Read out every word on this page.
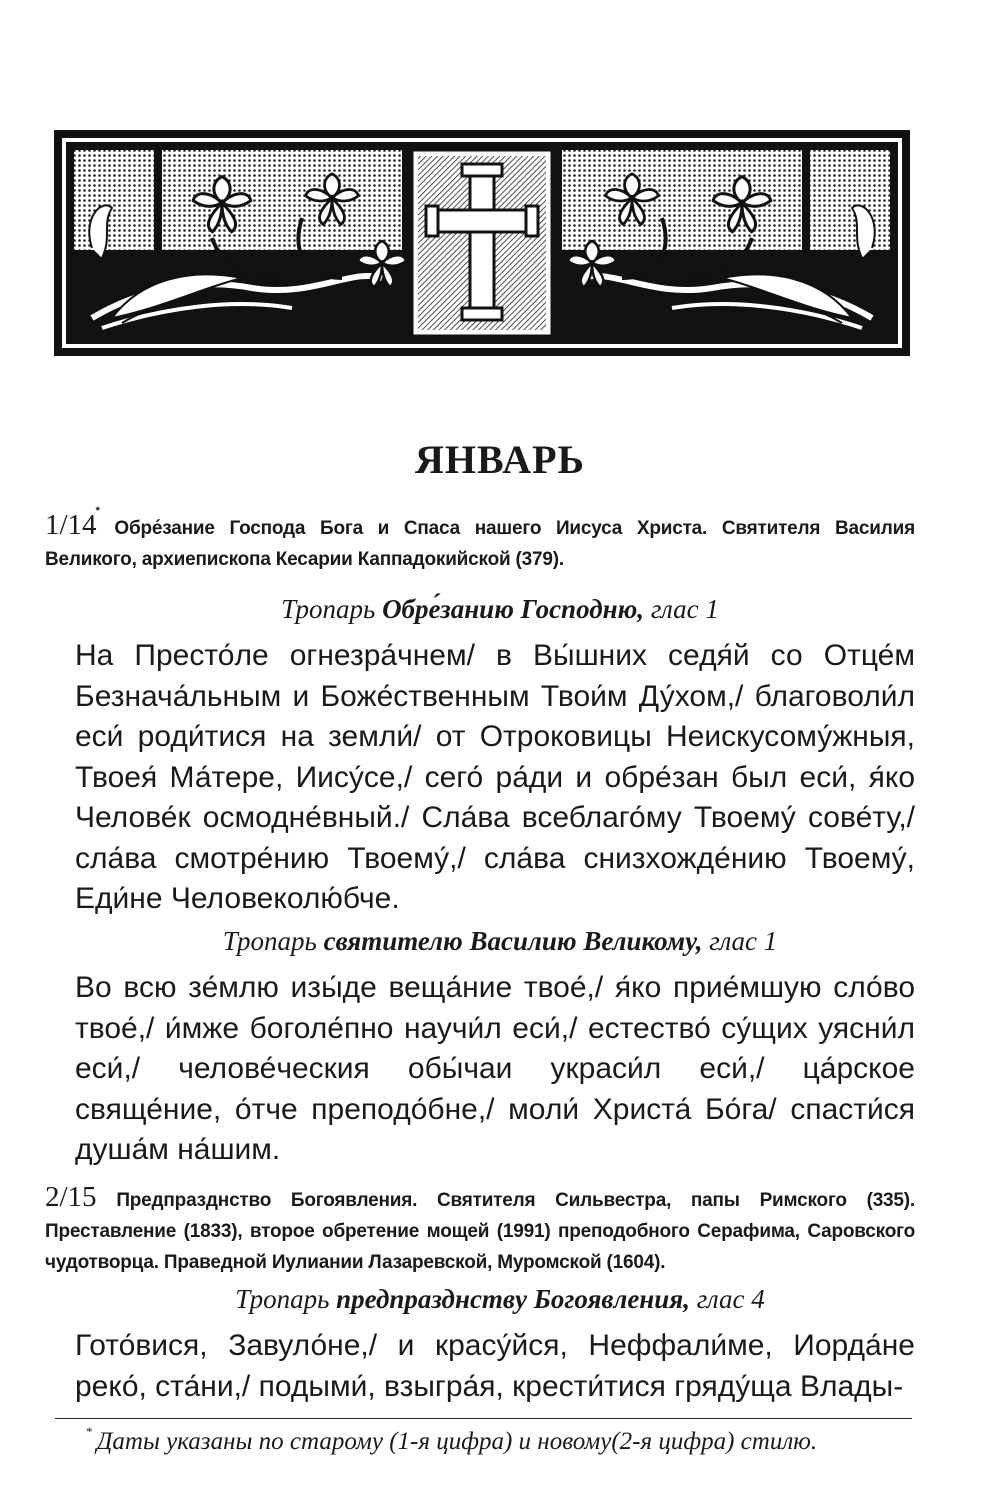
ЯНВАРЬ
1/14* Обре́зание Господа Бога и Спаса нашего Иисуса Христа. Святителя Василия Великого, архиепископа Кесарии Каппадокийской (379).
Тропарь Обре́занию Господню, глас 1

На Престо́ле огнезра́чнем/ в Вы́шних седя́й со Отце́м Безнача́льным и Боже́ственным Твои́м Ду́хом,/ благоволи́л еси́ роди́тися на земли́/ от Отроковицы Неискусому́жныя, Твоея́ Ма́тере, Иису́се,/ сего́ ра́ди и обре́зан был еси́, я́ко Челове́к осмодне́вный./ Сла́ва всеблаго́му Твоему́ сове́ту,/ сла́ва смотре́нию Твоему́,/ сла́ва снизхожде́нию Твоему́, Еди́не Человеколю́бче.

Тропарь святителю Василию Великому, глас 1

Во всю зе́млю изы́де веща́ние твое́,/ я́ко прие́мшую сло́во твое́,/ и́мже боголе́пно научи́л еси́,/ естество́ су́щих уясни́л еси́,/ челове́ческия обы́чаи украси́л еси́,/ ца́рское свяще́ние, о́тче преподо́бне,/ моли́ Христа́ Бо́га/ спасти́ся душа́м на́шим.

2/15 Предпразднство Богоявления. Святителя Сильвестра, папы Римского (335). Преставление (1833), второе обретение мощей (1991) преподобного Серафима, Саровского чудотворца. Праведной Иулиании Лазаревской, Муромской (1604).
Тропарь предпразднству Богоявления, глас 4

Гото́вися, Завуло́не,/ и красу́йся, Неффали́ме, Иорда́не реко́, ста́ни,/ подыми́, взыгра́я, крести́тися гряду́ща Влады-

* Даты указаны по старому (1-я цифра) и новому(2-я цифра) стилю.
